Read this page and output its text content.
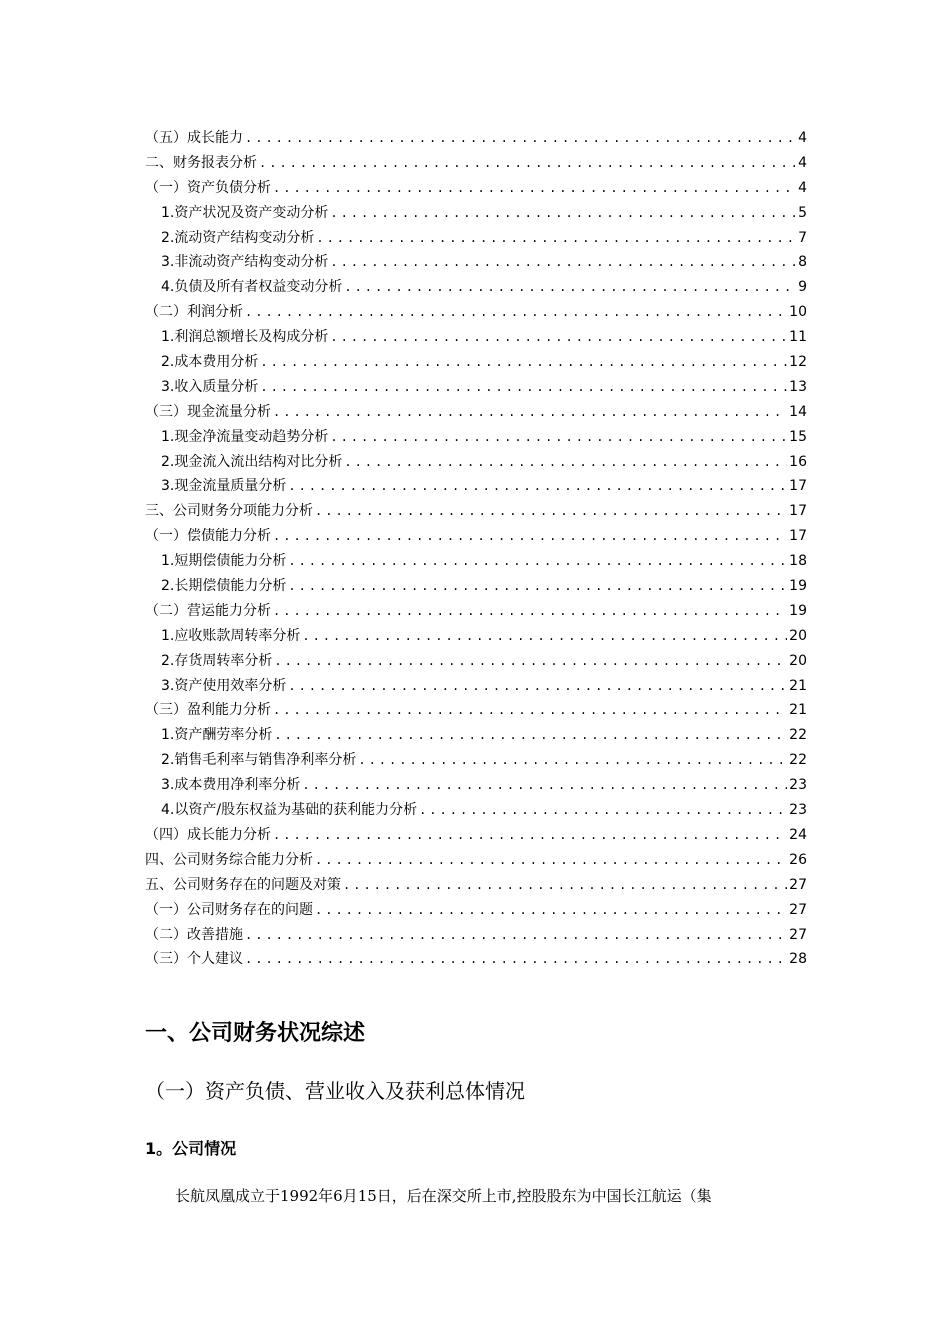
（五）成长能力 .....	4
二、财务报表分析 .....	4
（一）资产负债分析 .....	4
1.资产状况及资产变动分析 .....	5
2.流动资产结构变动分析 .....	7
3.非流动资产结构变动分析 .....	8
4.负债及所有者权益变动分析 .....	9
（二）利润分析 .....	10
1.利润总额增长及构成分析 .....	11
2.成本费用分析 .....	12
3.收入质量分析 .....	13
（三）现金流量分析 .....	14
1.现金净流量变动趋势分析 .....	15
2.现金流入流出结构对比分析 .....	16
3.现金流量质量分析 .....	17
三、公司财务分项能力分析 .....	17
（一）偿债能力分析 .....	17
1.短期偿债能力分析 .....	18
2.长期偿债能力分析 .....	19
（二）营运能力分析 .....	19
1.应收账款周转率分析 .....	20
2.存货周转率分析 .....	20
3.资产使用效率分析 .....	21
（三）盈利能力分析 .....	21
1.资产酬劳率分析 .....	22
2.销售毛利率与销售净利率分析 .....	22
3.成本费用净利率分析 .....	23
4.以资产/股东权益为基础的获利能力分析 .....	23
（四）成长能力分析 .....	24
四、公司财务综合能力分析 .....	26
五、公司财务存在的问题及对策 .....	27
（一）公司财务存在的问题 .....	27
（二）改善措施 .....	27
（三）个人建议 .....	28
一、公司财务状况综述
（一）资产负债、营业收入及获利总体情况
1。公司情况

长航凤凰成立于1992年6月15日，后在深交所上市,控股股东为中国长江航运（集
